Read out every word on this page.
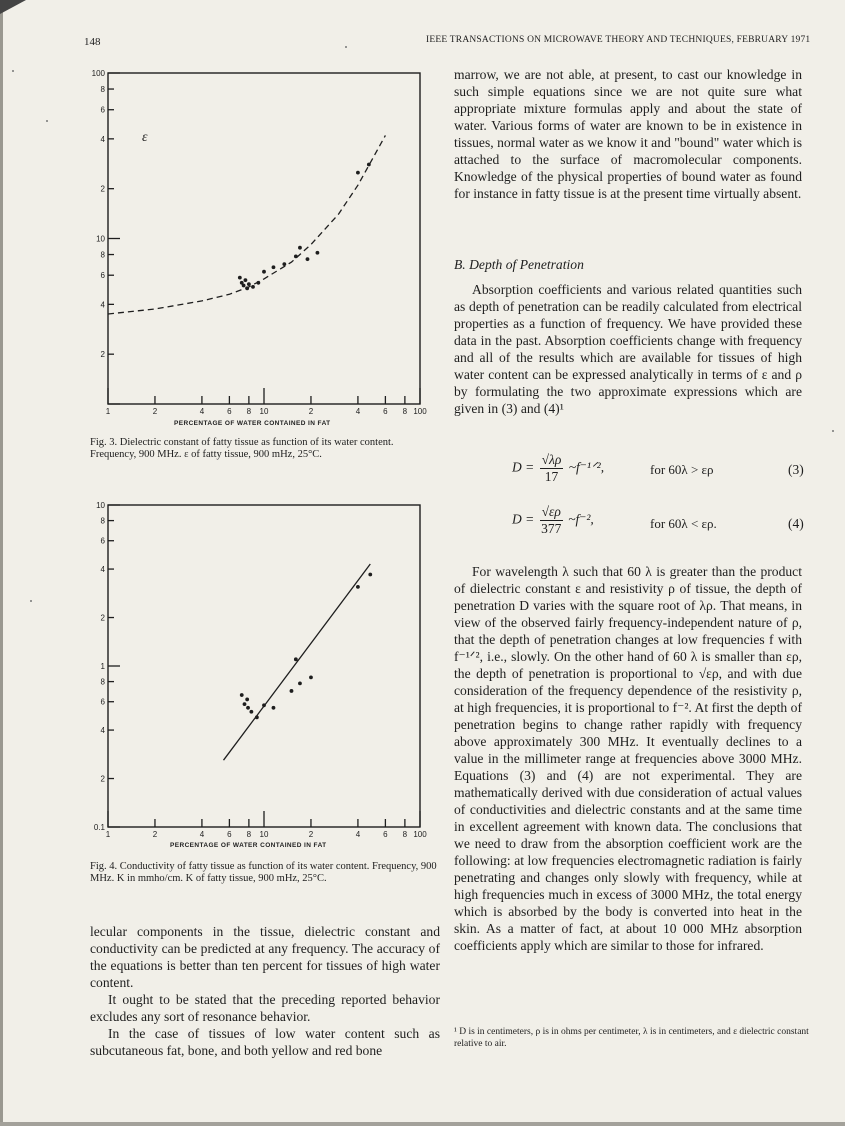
148	IEEE TRANSACTIONS ON MICROWAVE THEORY AND TECHNIQUES, FEBRUARY 1971
100
8
6
4
2
10
8
6
4
2
1	2	4	6 8 10	2	4	6 8 100
ε
PERCENTAGE OF WATER CONTAINED IN FAT
Fig. 3. Dielectric constant of fatty tissue as function of its water content. Frequency, 900 MHz. ε of fatty tissue, 900 mHz, 25°C.
10
8
6
4
2
1
8
6
4
2
0.1
1	2	4	6 8 10	2	4	6 8 100
PERCENTAGE OF WATER CONTAINED IN FAT
Fig. 4. Conductivity of fatty tissue as function of its water content. Frequency, 900 MHz. K in mmho/cm. K of fatty tissue, 900 mHz, 25°C.

lecular components in the tissue, dielectric constant and conductivity can be predicted at any frequency. The accuracy of the equations is better than ten percent for tissues of high water content.

It ought to be stated that the preceding reported behavior excludes any sort of resonance behavior.

In the case of tissues of low water content such as subcutaneous fat, bone, and both yellow and red bone

marrow, we are not able, at present, to cast our knowledge in such simple equations since we are not quite sure what appropriate mixture formulas apply and about the state of water. Various forms of water are known to be in existence in tissues, normal water as we know it and "bound" water which is attached to the surface of macromolecular components. Knowledge of the physical properties of bound water as found for instance in fatty tissue is at the present time virtually absent.
B. Depth of Penetration
Absorption coefficients and various related quantities such as depth of penetration can be readily calculated from electrical properties as a function of frequency. We have provided these data in the past. Absorption coefficients change with frequency and all of the results which are available for tissues of high water content can be expressed analytically in terms of ε and ρ by formulating the two approximate expressions which are given in (3) and (4)¹
$D = \frac{√\lambda\rho}{17}$ ~f⁻¹ᐟ²,	for 60λ > ερ	(3)
$D = \frac{√\varepsilon\rho}{377}$ ~f⁻²,	for 60λ < ερ.	(4)
For wavelength λ such that 60 λ is greater than the product of dielectric constant ε and resistivity ρ of tissue, the depth of penetration D varies with the square root of λρ. That means, in view of the observed fairly frequency-independent nature of ρ, that the depth of penetration changes at low frequencies f with f⁻¹ᐟ², i.e., slowly. On the other hand of 60 λ is smaller than ερ, the depth of penetration is proportional to √ερ, and with due consideration of the frequency dependence of the resistivity ρ, at high frequencies, it is proportional to f⁻². At first the depth of penetration begins to change rather rapidly with frequency above approximately 300 MHz. It eventually declines to a value in the millimeter range at frequencies above 3000 MHz. Equations (3) and (4) are not experimental. They are mathematically derived with due consideration of actual values of conductivities and dielectric constants and at the same time in excellent agreement with known data. The conclusions that we need to draw from the absorption coefficient work are the following: at low frequencies electromagnetic radiation is fairly penetrating and changes only slowly with frequency, while at high frequencies much in excess of 3000 MHz, the total energy which is absorbed by the body is converted into heat in the skin. As a matter of fact, at about 10 000 MHz absorption coefficients apply which are similar to those for infrared.
¹ D is in centimeters, ρ is in ohms per centimeter, λ is in centimeters, and ε dielectric constant relative to air.
